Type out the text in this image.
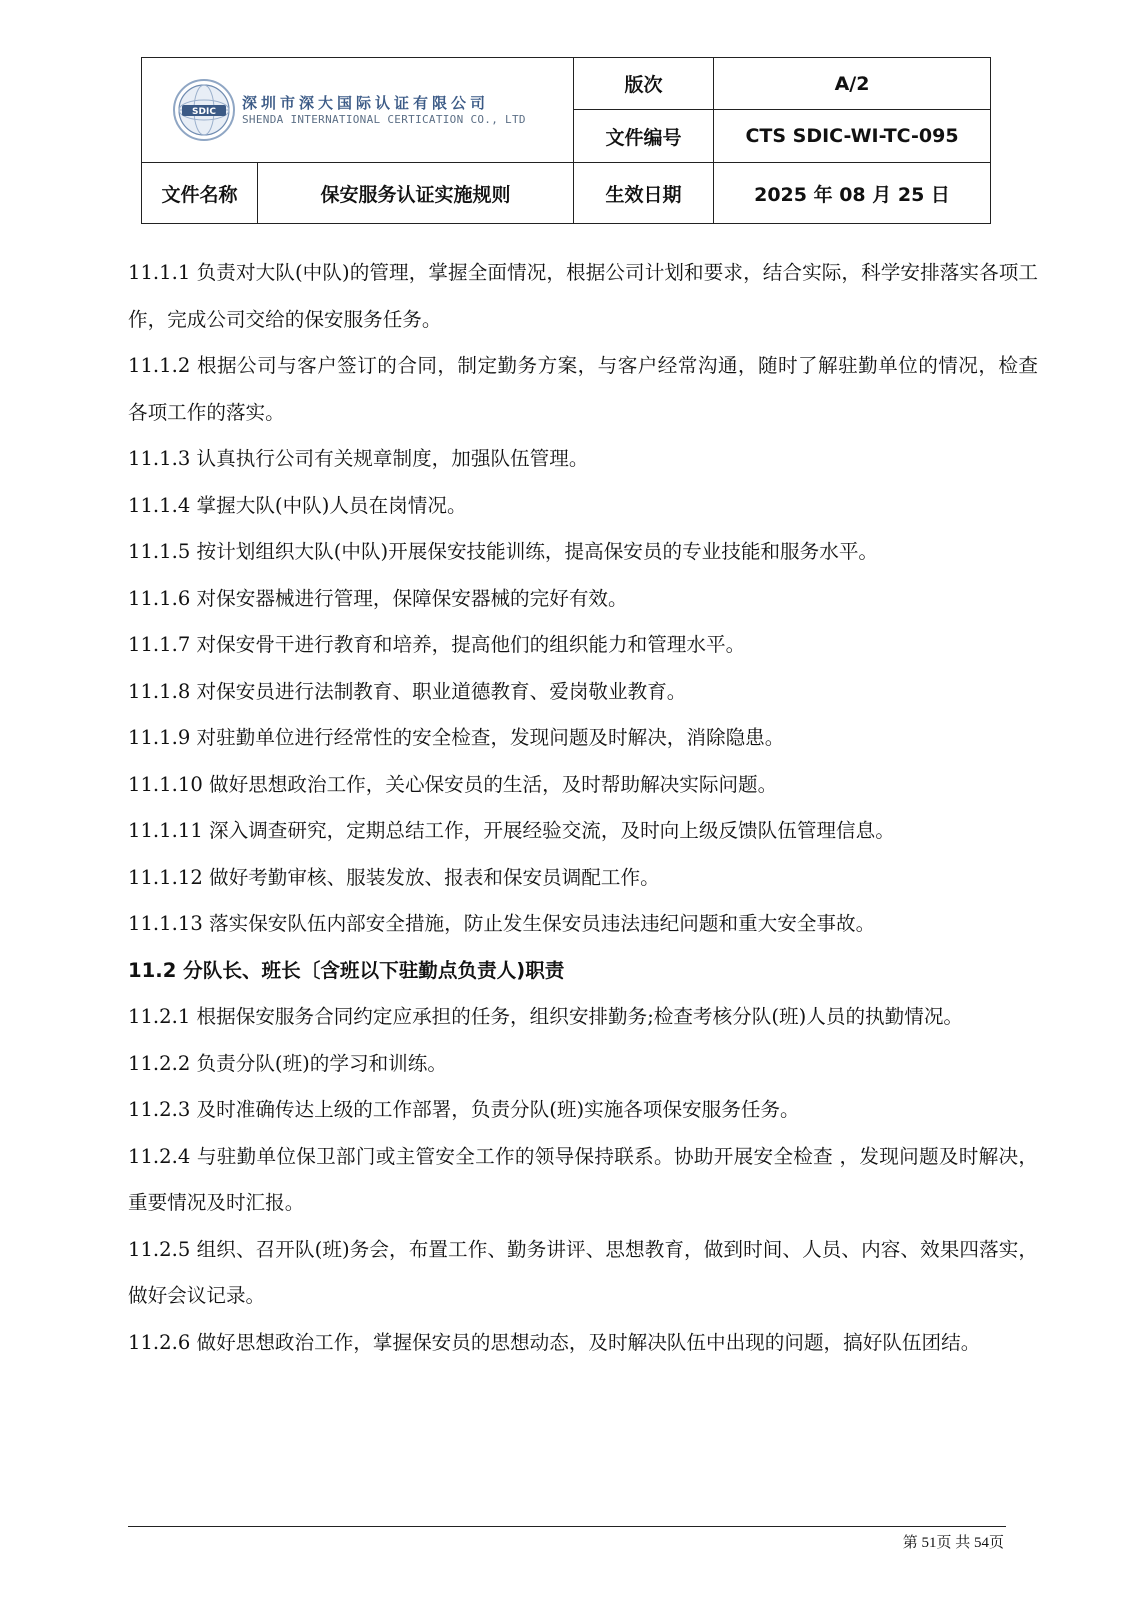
SDIC
深圳市深大国际认证有限公司
SHENDA INTERNATIONAL CERTICATION CO., LTD		版次	A/2
		文件编号	CTS SDIC-WI-TC-095
文件名称	保安服务认证实施规则	生效日期	2025 年 08 月 25 日

11.1.1 负责对大队(中队)的管理，掌握全面情况，根据公司计划和要求，结合实际，科学安排落实各项工作，完成公司交给的保安服务任务。

11.1.2 根据公司与客户签订的合同，制定勤务方案，与客户经常沟通，随时了解驻勤单位的情况，检查各项工作的落实。

11.1.3 认真执行公司有关规章制度，加强队伍管理。

11.1.4 掌握大队(中队)人员在岗情况。

11.1.5 按计划组织大队(中队)开展保安技能训练，提高保安员的专业技能和服务水平。

11.1.6 对保安器械进行管理，保障保安器械的完好有效。

11.1.7 对保安骨干进行教育和培养，提高他们的组织能力和管理水平。

11.1.8 对保安员进行法制教育、职业道德教育、爱岗敬业教育。

11.1.9 对驻勤单位进行经常性的安全检查，发现问题及时解决，消除隐患。

11.1.10 做好思想政治工作，关心保安员的生活，及时帮助解决实际问题。

11.1.11 深入调查研究，定期总结工作，开展经验交流，及时向上级反馈队伍管理信息。

11.1.12 做好考勤审核、服装发放、报表和保安员调配工作。

11.1.13 落实保安队伍内部安全措施，防止发生保安员违法违纪问题和重大安全事故。

11.2 分队长、班长〔含班以下驻勤点负责人)职责

11.2.1 根据保安服务合同约定应承担的任务，组织安排勤务;检查考核分队(班)人员的执勤情况。

11.2.2 负责分队(班)的学习和训练。

11.2.3 及时准确传达上级的工作部署，负责分队(班)实施各项保安服务任务。

11.2.4 与驻勤单位保卫部门或主管安全工作的领导保持联系。协助开展安全检查 ，发现问题及时解决，重要情况及时汇报。

11.2.5 组织、召开队(班)务会，布置工作、勤务讲评、思想教育，做到时间、人员、内容、效果四落实，做好会议记录。

11.2.6 做好思想政治工作，掌握保安员的思想动态，及时解决队伍中出现的问题，搞好队伍团结。

第 51页 共 54页
